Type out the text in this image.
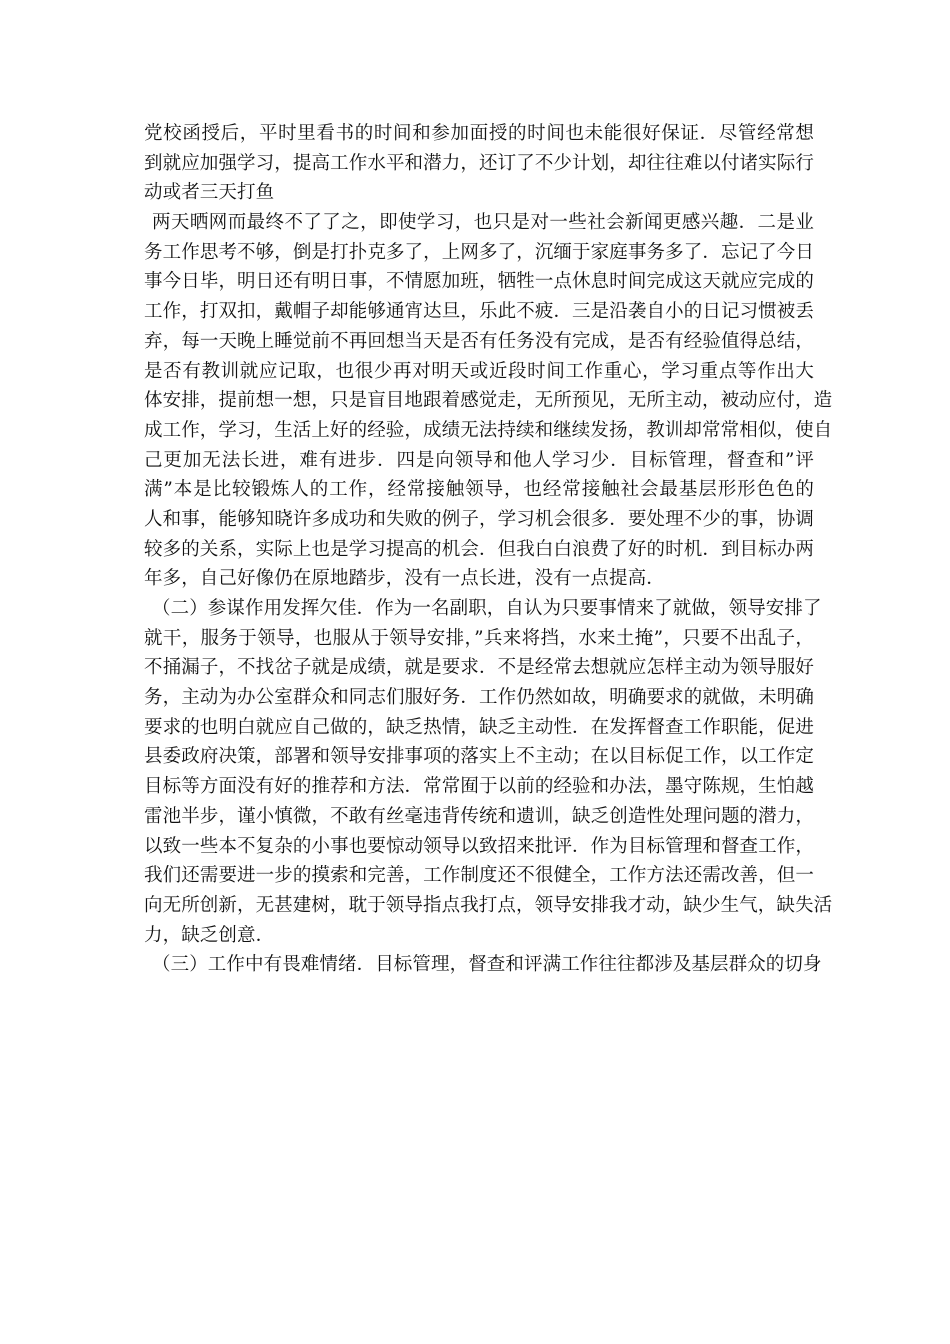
党校函授后，平时里看书的时间和参加面授的时间也未能很好保证．尽管经常想
到就应加强学习，提高工作水平和潜力，还订了不少计划，却往往难以付诸实际行
动或者三天打鱼
两天晒网而最终不了了之，即使学习，也只是对一些社会新闻更感兴趣．二是业
务工作思考不够，倒是打扑克多了，上网多了，沉缅于家庭事务多了．忘记了今日
事今日毕，明日还有明日事，不情愿加班，牺牲一点休息时间完成这天就应完成的
工作，打双扣，戴帽子却能够通宵达旦，乐此不疲．三是沿袭自小的日记习惯被丢
弃，每一天晚上睡觉前不再回想当天是否有任务没有完成，是否有经验值得总结，
是否有教训就应记取，也很少再对明天或近段时间工作重心，学习重点等作出大
体安排，提前想一想，只是盲目地跟着感觉走，无所预见，无所主动，被动应付，造
成工作，学习，生活上好的经验，成绩无法持续和继续发扬，教训却常常相似，使自
己更加无法长进，难有进步．四是向领导和他人学习少．目标管理，督查和”评
满”本是比较锻炼人的工作，经常接触领导，也经常接触社会最基层形形色色的
人和事，能够知晓许多成功和失败的例子，学习机会很多．要处理不少的事，协调
较多的关系，实际上也是学习提高的机会．但我白白浪费了好的时机．到目标办两
年多，自己好像仍在原地踏步，没有一点长进，没有一点提高．
（二）参谋作用发挥欠佳．作为一名副职，自认为只要事情来了就做，领导安排了
就干，服务于领导，也服从于领导安排，”兵来将挡，水来土掩”，只要不出乱子，
不捅漏子，不找岔子就是成绩，就是要求．不是经常去想就应怎样主动为领导服好
务，主动为办公室群众和同志们服好务．工作仍然如故，明确要求的就做，未明确
要求的也明白就应自己做的，缺乏热情，缺乏主动性．在发挥督查工作职能，促进
县委政府决策，部署和领导安排事项的落实上不主动；在以目标促工作，以工作定
目标等方面没有好的推荐和方法．常常囿于以前的经验和办法，墨守陈规，生怕越
雷池半步，谨小慎微，不敢有丝毫违背传统和遗训，缺乏创造性处理问题的潜力，
以致一些本不复杂的小事也要惊动领导以致招来批评．作为目标管理和督查工作，
我们还需要进一步的摸索和完善，工作制度还不很健全，工作方法还需改善，但一
向无所创新，无甚建树，耽于领导指点我打点，领导安排我才动，缺少生气，缺失活
力，缺乏创意．
（三）工作中有畏难情绪．目标管理，督查和评满工作往往都涉及基层群众的切身
